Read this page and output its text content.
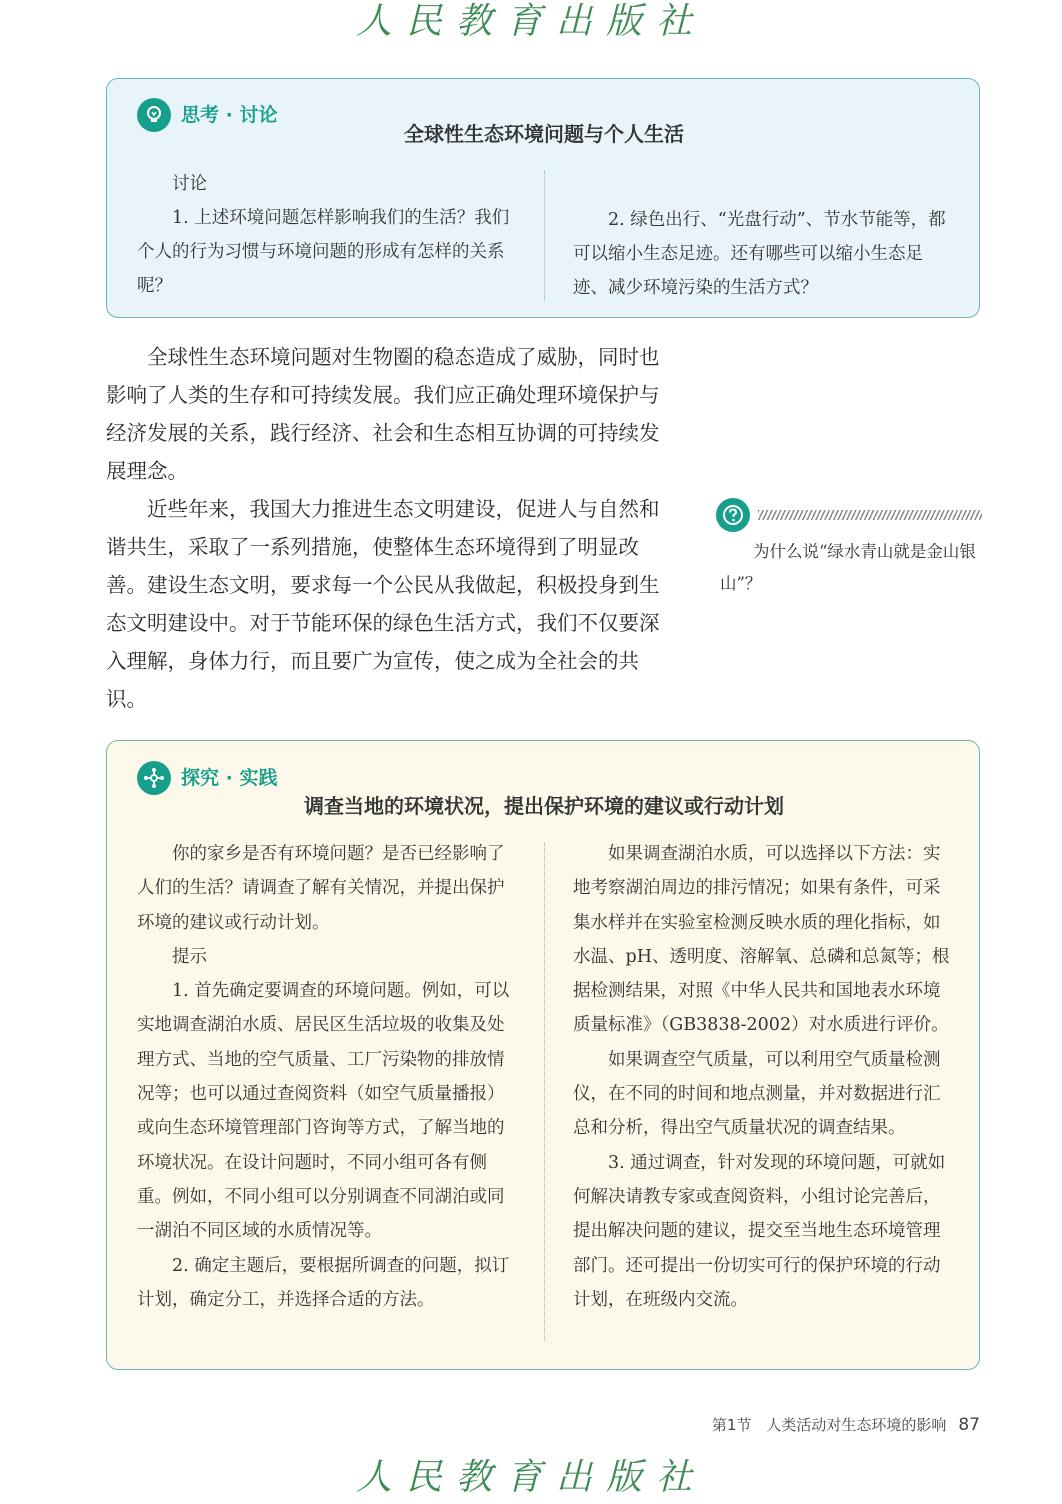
人民教育出版社
思考 · 讨论
全球性生态环境问题与个人生活

讨论

1. 上述环境问题怎样影响我们的生活？我们个人的行为习惯与环境问题的形成有怎样的关系呢？

2. 绿色出行、“光盘行动”、节水节能等，都可以缩小生态足迹。还有哪些可以缩小生态足迹、减少环境污染的生活方式？

全球性生态环境问题对生物圈的稳态造成了威胁，同时也影响了人类的生存和可持续发展。我们应正确处理环境保护与经济发展的关系，践行经济、社会和生态相互协调的可持续发展理念。

近些年来，我国大力推进生态文明建设，促进人与自然和谐共生，采取了一系列措施，使整体生态环境得到了明显改善。建设生态文明，要求每一个公民从我做起，积极投身到生态文明建设中。对于节能环保的绿色生活方式，我们不仅要深入理解，身体力行，而且要广为宣传，使之成为全社会的共识。

为什么说“绿水青山就是金山银山”？
探究 · 实践
调查当地的环境状况，提出保护环境的建议或行动计划

你的家乡是否有环境问题？是否已经影响了人们的生活？请调查了解有关情况，并提出保护环境的建议或行动计划。

提示

1. 首先确定要调查的环境问题。例如，可以实地调查湖泊水质、居民区生活垃圾的收集及处理方式、当地的空气质量、工厂污染物的排放情况等；也可以通过查阅资料（如空气质量播报）或向生态环境管理部门咨询等方式，了解当地的环境状况。在设计问题时，不同小组可各有侧重。例如，不同小组可以分别调查不同湖泊或同一湖泊不同区域的水质情况等。

2. 确定主题后，要根据所调查的问题，拟订计划，确定分工，并选择合适的方法。

如果调查湖泊水质，可以选择以下方法：实地考察湖泊周边的排污情况；如果有条件，可采集水样并在实验室检测反映水质的理化指标，如水温、pH、透明度、溶解氧、总磷和总氮等；根据检测结果，对照《中华人民共和国地表水环境质量标准》（GB3838-2002）对水质进行评价。

如果调查空气质量，可以利用空气质量检测仪，在不同的时间和地点测量，并对数据进行汇总和分析，得出空气质量状况的调查结果。

3. 通过调查，针对发现的环境问题，可就如何解决请教专家或查阅资料，小组讨论完善后，提出解决问题的建议，提交至当地生态环境管理部门。还可提出一份切实可行的保护环境的行动计划，在班级内交流。

第1节　人类活动对生态环境的影响 87
人民教育出版社
